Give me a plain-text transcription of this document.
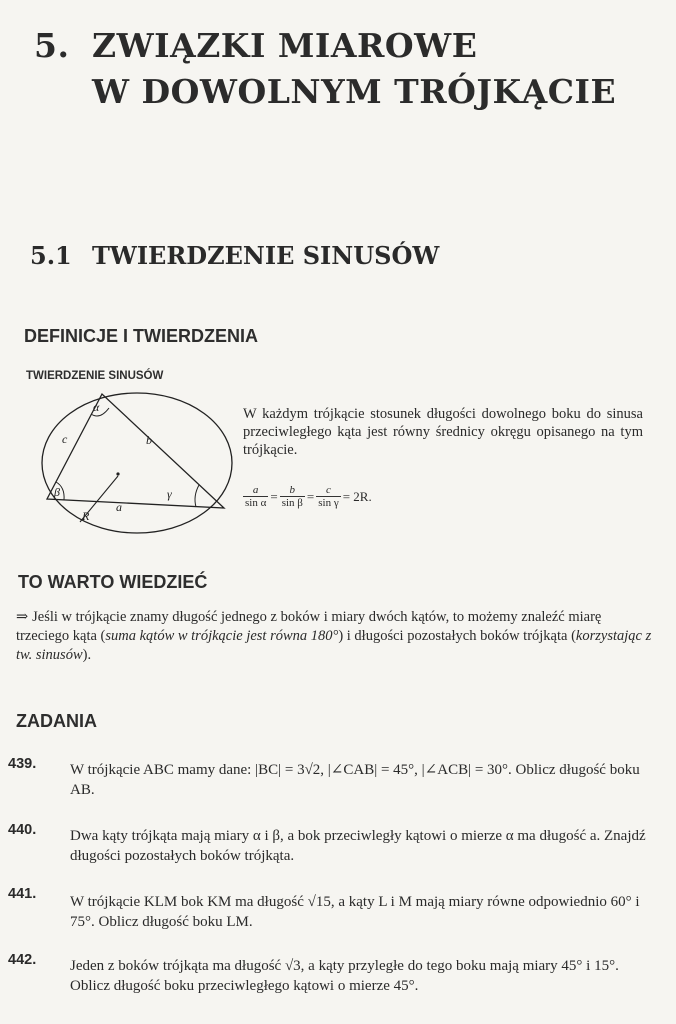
5. ZWIĄZKI MIAROWE
W DOWOLNYM TRÓJKĄCIE
5.1 TWIERDZENIE SINUSÓW
DEFINICJE I TWIERDZENIA
TWIERDZENIE SINUSÓW
α
β	γ
a
b
c
R
W każdym trójkącie stosunek długości dowolnego boku do sinusa przeciwległego kąta jest równy średnicy okręgu opisanego na tym trójkącie.
$\frac{a}{\text{sin α}} = \frac{b}{\text{sin β}} = \frac{c}{\text{sin γ}} = 2R$.
TO WARTO WIEDZIEĆ
⇒ Jeśli w trójkącie znamy długość jednego z boków i miary dwóch kątów, to możemy znaleźć miarę trzeciego kąta (suma kątów w trójkącie jest równa 180°) i długości pozostałych boków trójkąta (korzystając z tw. sinusów).
ZADANIA
439. W trójkącie ABC mamy dane: |BC| = 3√2, |∠CAB| = 45°, |∠ACB| = 30°. Oblicz długość boku AB.
440. Dwa kąty trójkąta mają miary α i β, a bok przeciwległy kątowi o mierze α ma długość a. Znajdź długości pozostałych boków trójkąta.
441. W trójkącie KLM bok KM ma długość √15, a kąty L i M mają miary równe odpowiednio 60° i 75°. Oblicz długość boku LM.
442. Jeden z boków trójkąta ma długość √3, a kąty przyległe do tego boku mają miary 45° i 15°. Oblicz długość boku przeciwległego kątowi o mierze 45°.
